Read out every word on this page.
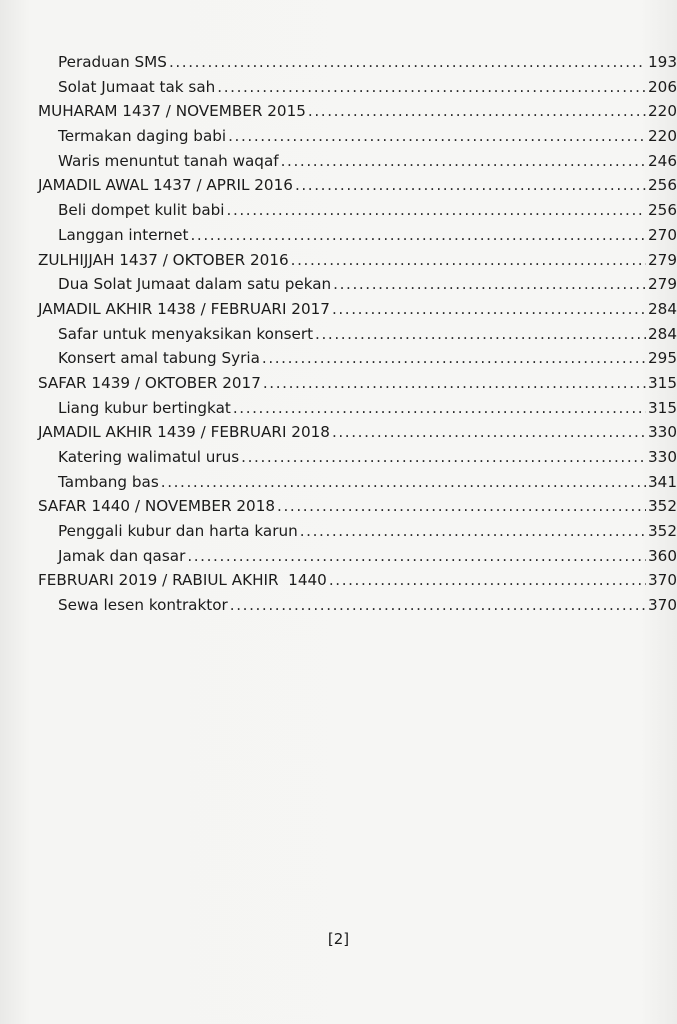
Peraduan SMS .....	193
Solat Jumaat tak sah .....	206
MUHARAM 1437 / NOVEMBER 2015 .....	220
Termakan daging babi .....	220
Waris menuntut tanah waqaf .....	246
JAMADIL AWAL 1437 / APRIL 2016 .....	256
Beli dompet kulit babi .....	256
Langgan internet .....	270
ZULHIJJAH 1437 / OKTOBER 2016 .....	279
Dua Solat Jumaat dalam satu pekan .....	279
JAMADIL AKHIR 1438 / FEBRUARI 2017 .....	284
Safar untuk menyaksikan konsert .....	284
Konsert amal tabung Syria .....	295
SAFAR 1439 / OKTOBER 2017 .....	315
Liang kubur bertingkat .....	315
JAMADIL AKHIR 1439 / FEBRUARI 2018 .....	330
Katering walimatul urus .....	330
Tambang bas .....	341
SAFAR 1440 / NOVEMBER 2018 .....	352
Penggali kubur dan harta karun .....	352
Jamak dan qasar .....	360
FEBRUARI 2019 / RABIUL AKHIR  1440 .....	370
Sewa lesen kontraktor .....	370
[2]
